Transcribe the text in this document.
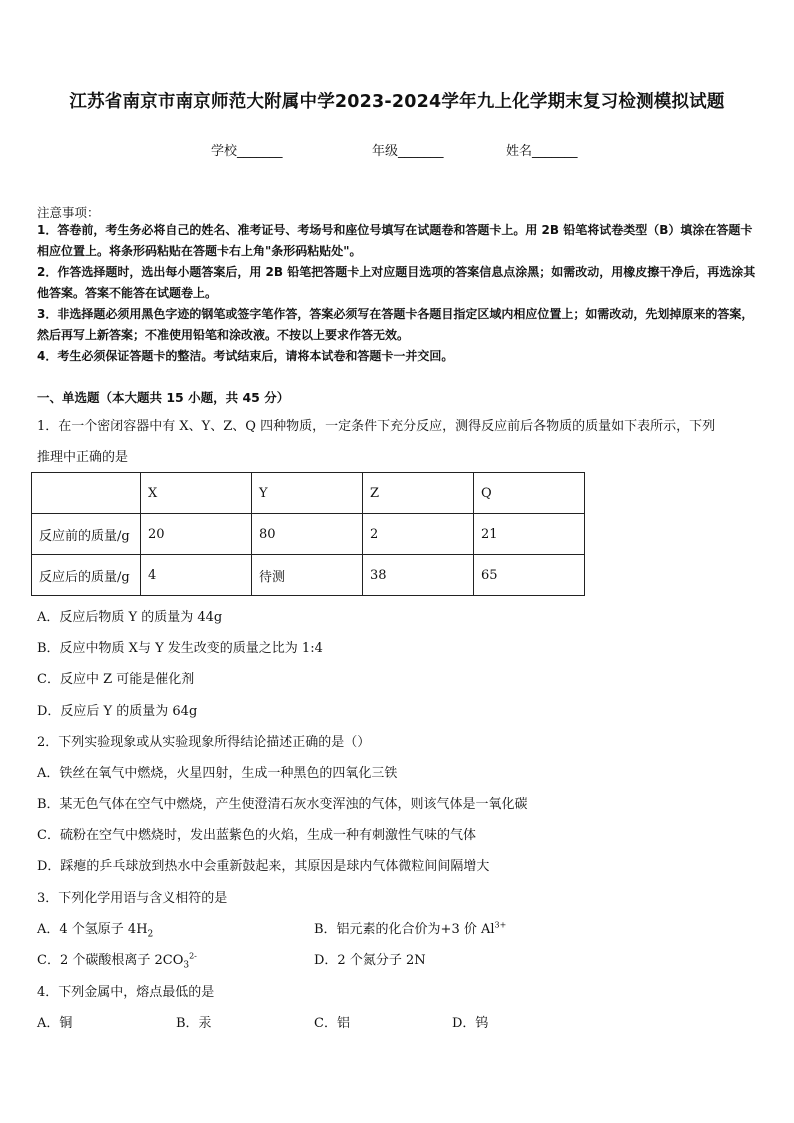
江苏省南京市南京师范大附属中学2023-2024学年九上化学期末复习检测模拟试题
学校_______	年级_______	姓名_______
注意事项：
1．答卷前，考生务必将自己的姓名、准考证号、考场号和座位号填写在试题卷和答题卡上。用 2B 铅笔将试卷类型（B）填涂在答题卡相应位置上。将条形码粘贴在答题卡右上角"条形码粘贴处"。
2．作答选择题时，选出每小题答案后，用 2B 铅笔把答题卡上对应题目选项的答案信息点涂黑；如需改动，用橡皮擦干净后，再选涂其他答案。答案不能答在试题卷上。
3．非选择题必须用黑色字迹的钢笔或签字笔作答，答案必须写在答题卡各题目指定区域内相应位置上；如需改动，先划掉原来的答案，然后再写上新答案；不准使用铅笔和涂改液。不按以上要求作答无效。
4．考生必须保证答题卡的整洁。考试结束后，请将本试卷和答题卡一并交回。
一、单选题（本大题共 15 小题，共 45 分）
1．在一个密闭容器中有 X、Y、Z、Q 四种物质，一定条件下充分反应，测得反应前后各物质的质量如下表所示，下列
推理中正确的是
	X	Y	Z	Q
反应前的质量/g	20	80	2	21
反应后的质量/g	4	待测	38	65
A．反应后物质 Y 的质量为 44g
B．反应中物质 X与 Y 发生改变的质量之比为 1:4
C．反应中 Z 可能是催化剂
D．反应后 Y 的质量为 64g
2．下列实验现象或从实验现象所得结论描述正确的是（）
A．铁丝在氧气中燃烧，火星四射，生成一种黑色的四氧化三铁
B．某无色气体在空气中燃烧，产生使澄清石灰水变浑浊的气体，则该气体是一氧化碳
C．硫粉在空气中燃烧时，发出蓝紫色的火焰，生成一种有刺激性气味的气体
D．踩瘪的乒乓球放到热水中会重新鼓起来，其原因是球内气体微粒间间隔增大
3．下列化学用语与含义相符的是
A．4 个氢原子 $4H_2$	B．铝元素的化合价为+3 价 $Al^{3+}$
C．2 个碳酸根离子 $2CO_3^{2-}$	D．2 个氮分子 2N
4．下列金属中，熔点最低的是
A．铜	B．汞	C．铝	D．钨
